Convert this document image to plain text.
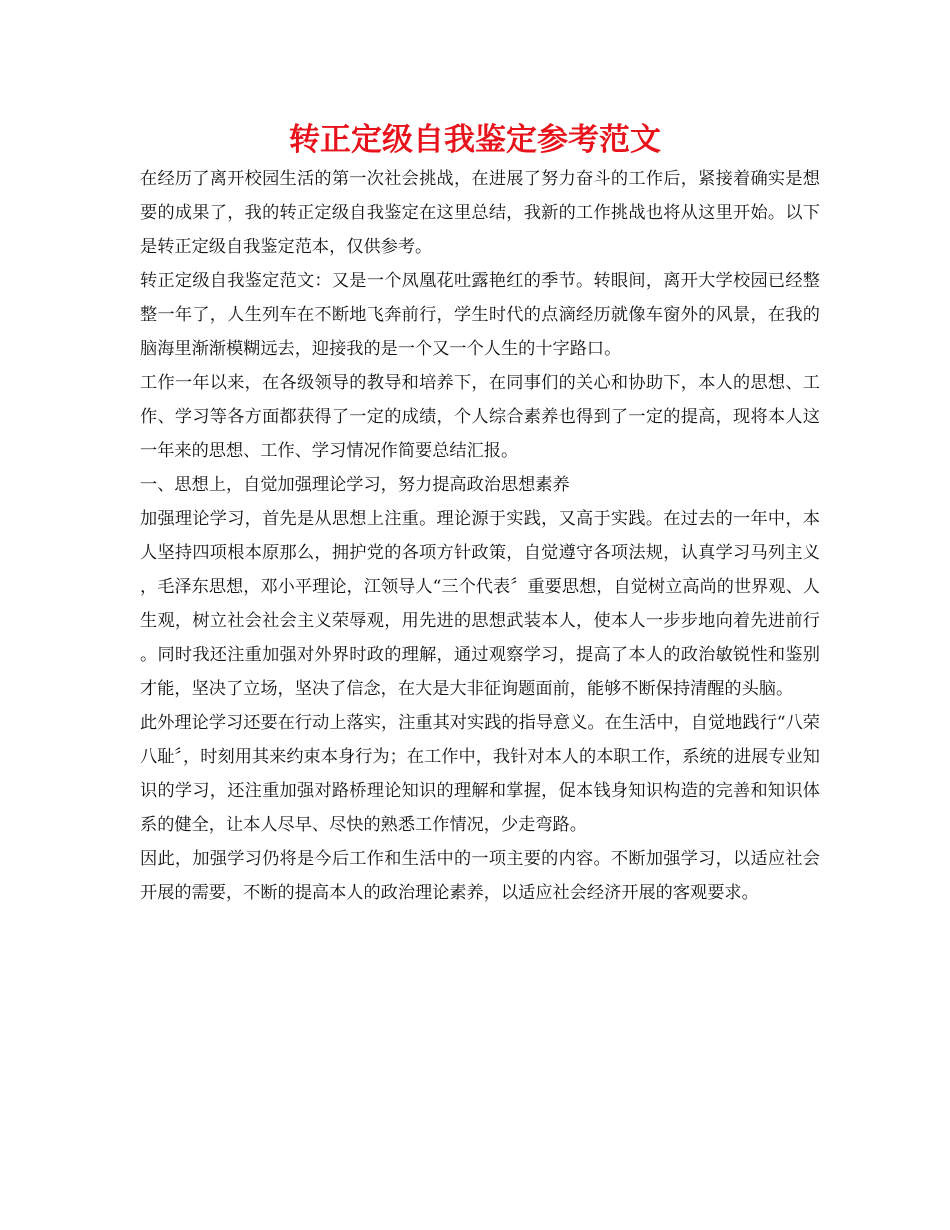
转正定级自我鉴定参考范文

在经历了离开校园生活的第一次社会挑战，在进展了努力奋斗的工作后，紧接着确实是想要的成果了，我的转正定级自我鉴定在这里总结，我新的工作挑战也将从这里开始。以下是转正定级自我鉴定范本，仅供参考。

转正定级自我鉴定范文：又是一个凤凰花吐露艳红的季节。转眼间，离开大学校园已经整整一年了，人生列车在不断地飞奔前行，学生时代的点滴经历就像车窗外的风景，在我的脑海里渐渐模糊远去，迎接我的是一个又一个人生的十字路口。

工作一年以来，在各级领导的教导和培养下，在同事们的关心和协助下，本人的思想、工作、学习等各方面都获得了一定的成绩，个人综合素养也得到了一定的提高，现将本人这一年来的思想、工作、学习情况作简要总结汇报。

一、思想上，自觉加强理论学习，努力提高政治思想素养

加强理论学习，首先是从思想上注重。理论源于实践，又高于实践。在过去的一年中，本人坚持四项根本原那么，拥护党的各项方针政策，自觉遵守各项法规，认真学习马列主义，毛泽东思想，邓小平理论，江领导人“三个代表〞重要思想，自觉树立高尚的世界观、人生观，树立社会社会主义荣辱观，用先进的思想武装本人，使本人一步步地向着先进前行。同时我还注重加强对外界时政的理解，通过观察学习，提高了本人的政治敏锐性和鉴别才能，坚决了立场，坚决了信念，在大是大非征询题面前，能够不断保持清醒的头脑。

此外理论学习还要在行动上落实，注重其对实践的指导意义。在生活中，自觉地践行“八荣八耻〞，时刻用其来约束本身行为；在工作中，我针对本人的本职工作，系统的进展专业知识的学习，还注重加强对路桥理论知识的理解和掌握，促本钱身知识构造的完善和知识体系的健全，让本人尽早、尽快的熟悉工作情况，少走弯路。

因此，加强学习仍将是今后工作和生活中的一项主要的内容。不断加强学习，以适应社会开展的需要，不断的提高本人的政治理论素养，以适应社会经济开展的客观要求。
